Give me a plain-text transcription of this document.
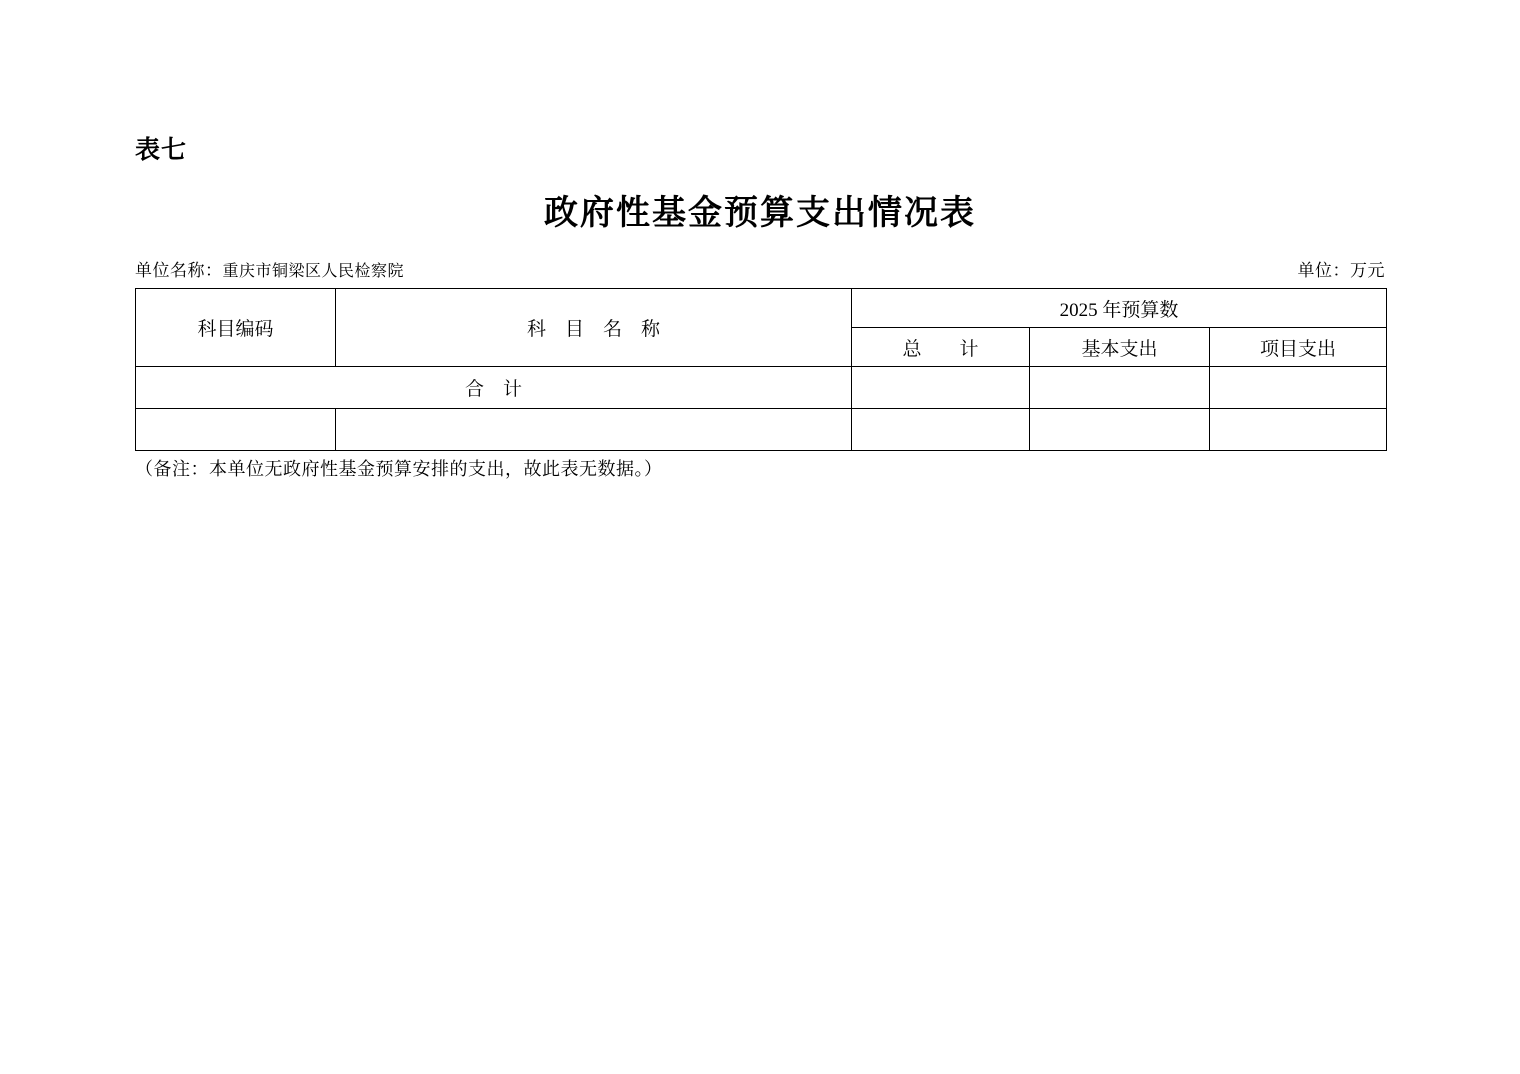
表七
政府性基金预算支出情况表
单位名称：重庆市铜梁区人民检察院	单位：万元
科目编码	科　目　名　称	2025 年预算数		
		总　　计	基本支出	项目支出
合　计				

（备注：本单位无政府性基金预算安排的支出，故此表无数据。）
